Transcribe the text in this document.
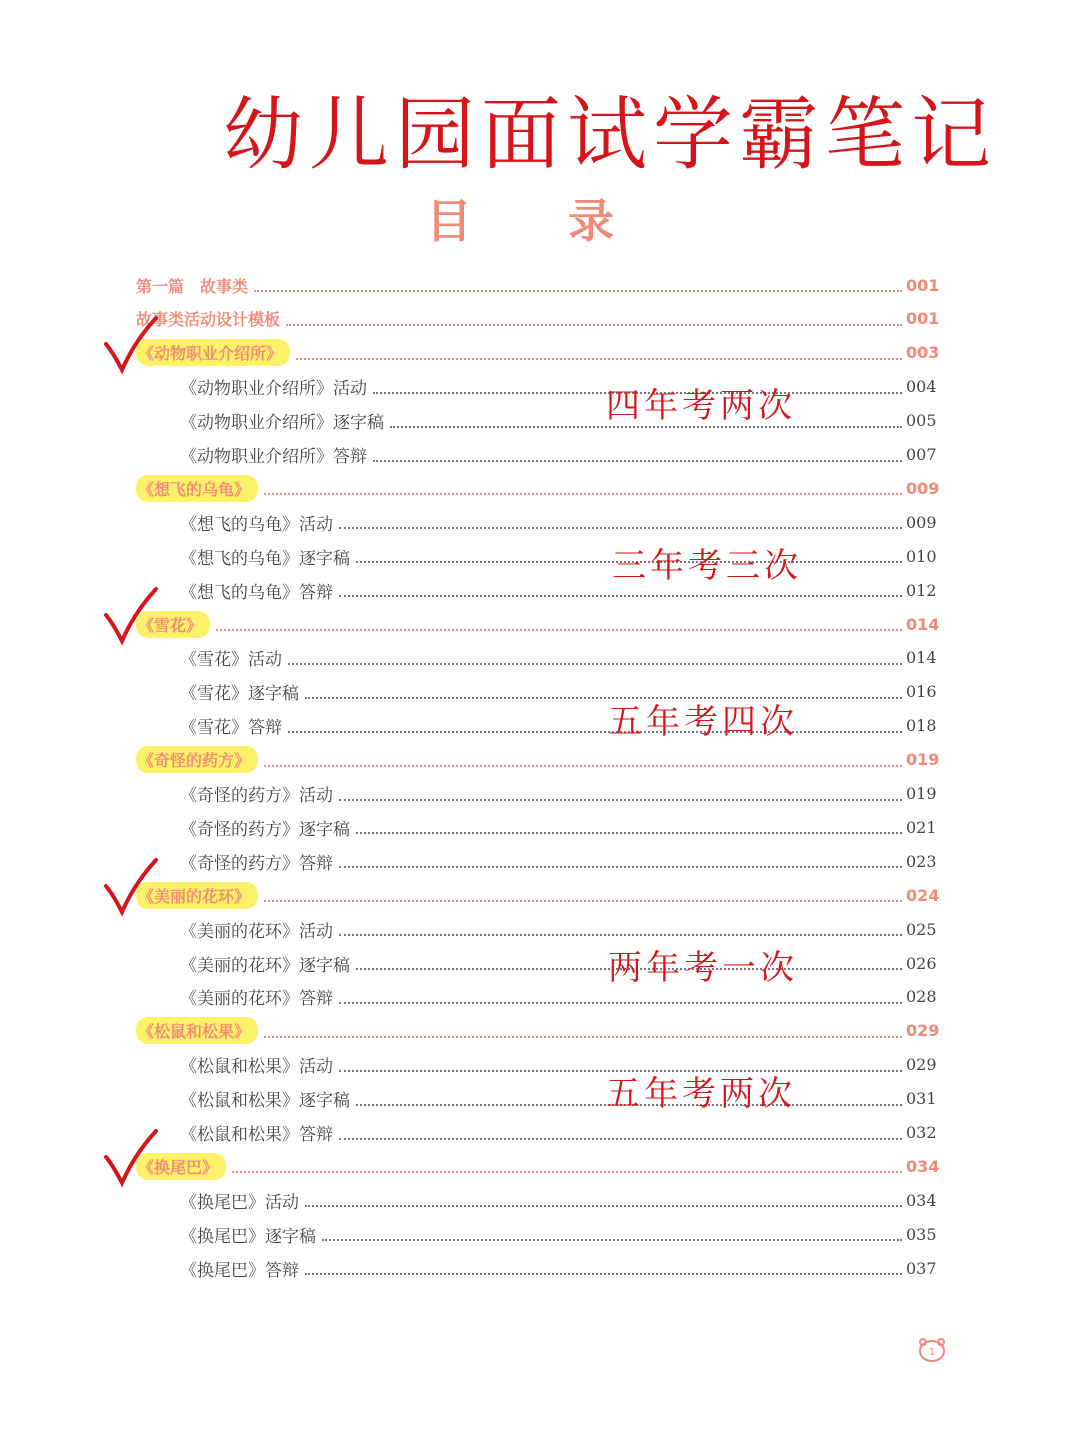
幼儿园面试学霸笔记
目 录
第一篇　故事类	001
故事类活动设计模板	001
《动物职业介绍所》	003
《动物职业介绍所》活动	004
《动物职业介绍所》逐字稿	005
《动物职业介绍所》答辩	007
《想飞的乌龟》	009
《想飞的乌龟》活动	009
《想飞的乌龟》逐字稿	010
《想飞的乌龟》答辩	012
《雪花》	014
《雪花》活动	014
《雪花》逐字稿	016
《雪花》答辩	018
《奇怪的药方》	019
《奇怪的药方》活动	019
《奇怪的药方》逐字稿	021
《奇怪的药方》答辩	023
《美丽的花环》	024
《美丽的花环》活动	025
《美丽的花环》逐字稿	026
《美丽的花环》答辩	028
《松鼠和松果》	029
《松鼠和松果》活动	029
《松鼠和松果》逐字稿	031
《松鼠和松果》答辩	032
《换尾巴》	034
《换尾巴》活动	034
《换尾巴》逐字稿	035
《换尾巴》答辩	037
四年考两次
三年考三次
五年考四次
两年考一次
五年考两次
1
